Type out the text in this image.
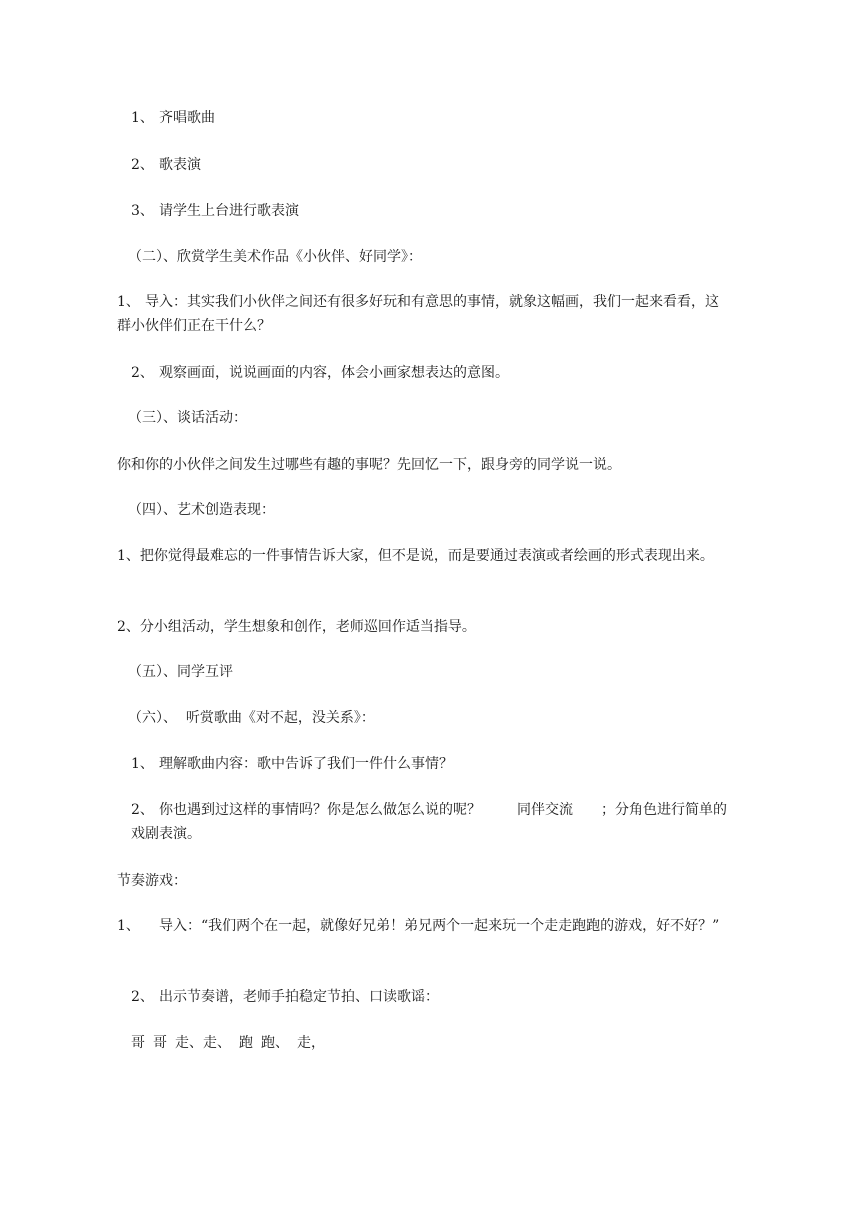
1、 齐唱歌曲

2、 歌表演

3、 请学生上台进行歌表演

（二）、欣赏学生美术作品《小伙伴、好同学》：

1、 导入：其实我们小伙伴之间还有很多好玩和有意思的事情，就象这幅画，我们一起来看看，这群小伙伴们正在干什么？

2、 观察画面，说说画面的内容，体会小画家想表达的意图。

（三）、谈话活动：

你和你的小伙伴之间发生过哪些有趣的事呢？先回忆一下，跟身旁的同学说一说。

（四）、艺术创造表现：

1、把你觉得最难忘的一件事情告诉大家，但不是说，而是要通过表演或者绘画的形式表现出来。

2、分小组活动，学生想象和创作，老师巡回作适当指导。

（五）、同学互评

（六）、  听赏歌曲《对不起，没关系》：

1、 理解歌曲内容：歌中告诉了我们一件什么事情？

2、 你也遇到过这样的事情吗？你是怎么做怎么说的呢？	同伴交流 ；分角色进行简单的戏剧表演。

节奏游戏：

1、 导入：“我们两个在一起，就像好兄弟！弟兄两个一起来玩一个走走跑跑的游戏，好不好？”

2、 出示节奏谱，老师手拍稳定节拍、口读歌谣：

哥 哥 走、走、 跑 跑、 走，
